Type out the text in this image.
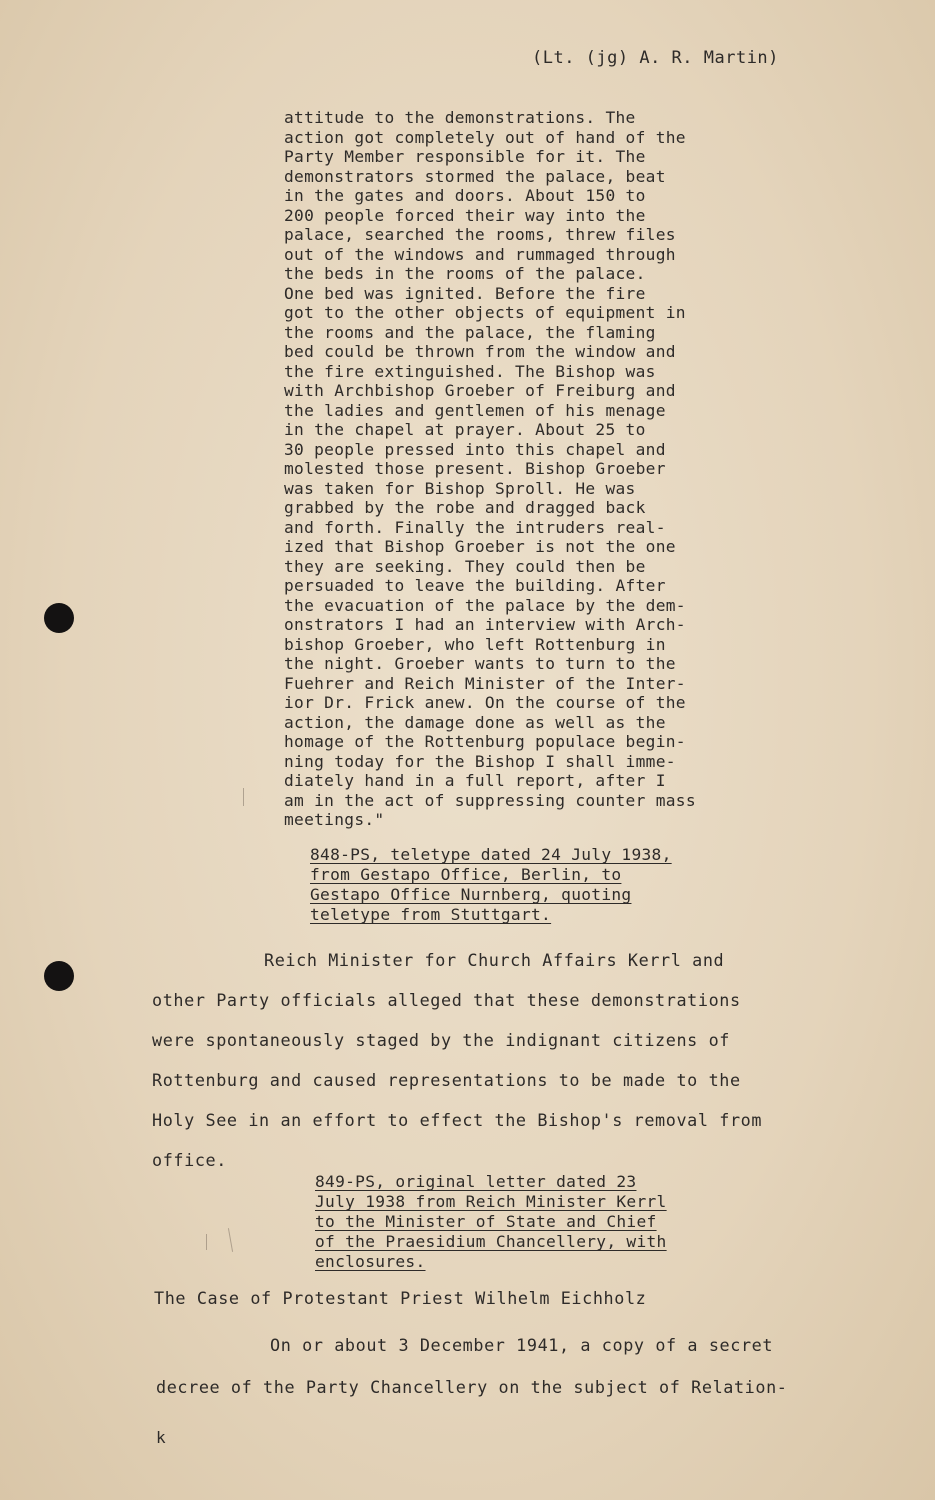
(Lt. (jg) A. R. Martin)
attitude to the demonstrations. The
action got completely out of hand of the
Party Member responsible for it. The
demonstrators stormed the palace, beat
in the gates and doors. About 150 to
200 people forced their way into the
palace, searched the rooms, threw files
out of the windows and rummaged through
the beds in the rooms of the palace.
One bed was ignited. Before the fire
got to the other objects of equipment in
the rooms and the palace, the flaming
bed could be thrown from the window and
the fire extinguished. The Bishop was
with Archbishop Groeber of Freiburg and
the ladies and gentlemen of his menage
in the chapel at prayer. About 25 to
30 people pressed into this chapel and
molested those present. Bishop Groeber
was taken for Bishop Sproll. He was
grabbed by the robe and dragged back
and forth. Finally the intruders real-
ized that Bishop Groeber is not the one
they are seeking. They could then be
persuaded to leave the building. After
the evacuation of the palace by the dem-
onstrators I had an interview with Arch-
bishop Groeber, who left Rottenburg in
the night. Groeber wants to turn to the
Fuehrer and Reich Minister of the Inter-
ior Dr. Frick anew. On the course of the
action, the damage done as well as the
homage of the Rottenburg populace begin-
ning today for the Bishop I shall imme-
diately hand in a full report, after I
am in the act of suppressing counter mass
meetings."
848-PS, teletype dated 24 July 1938,
from Gestapo Office, Berlin, to
Gestapo Office Nurnberg, quoting
teletype from Stuttgart.
Reich Minister for Church Affairs Kerrl and
other Party officials alleged that these demonstrations
were spontaneously staged by the indignant citizens of
Rottenburg and caused representations to be made to the
Holy See in an effort to effect the Bishop's removal from
office.
849-PS, original letter dated 23
July 1938 from Reich Minister Kerrl
to the Minister of State and Chief
of the Praesidium Chancellery, with
enclosures.
The Case of Protestant Priest Wilhelm Eichholz
On or about 3 December 1941, a copy of a secret
decree of the Party Chancellery on the subject of Relation-
k
